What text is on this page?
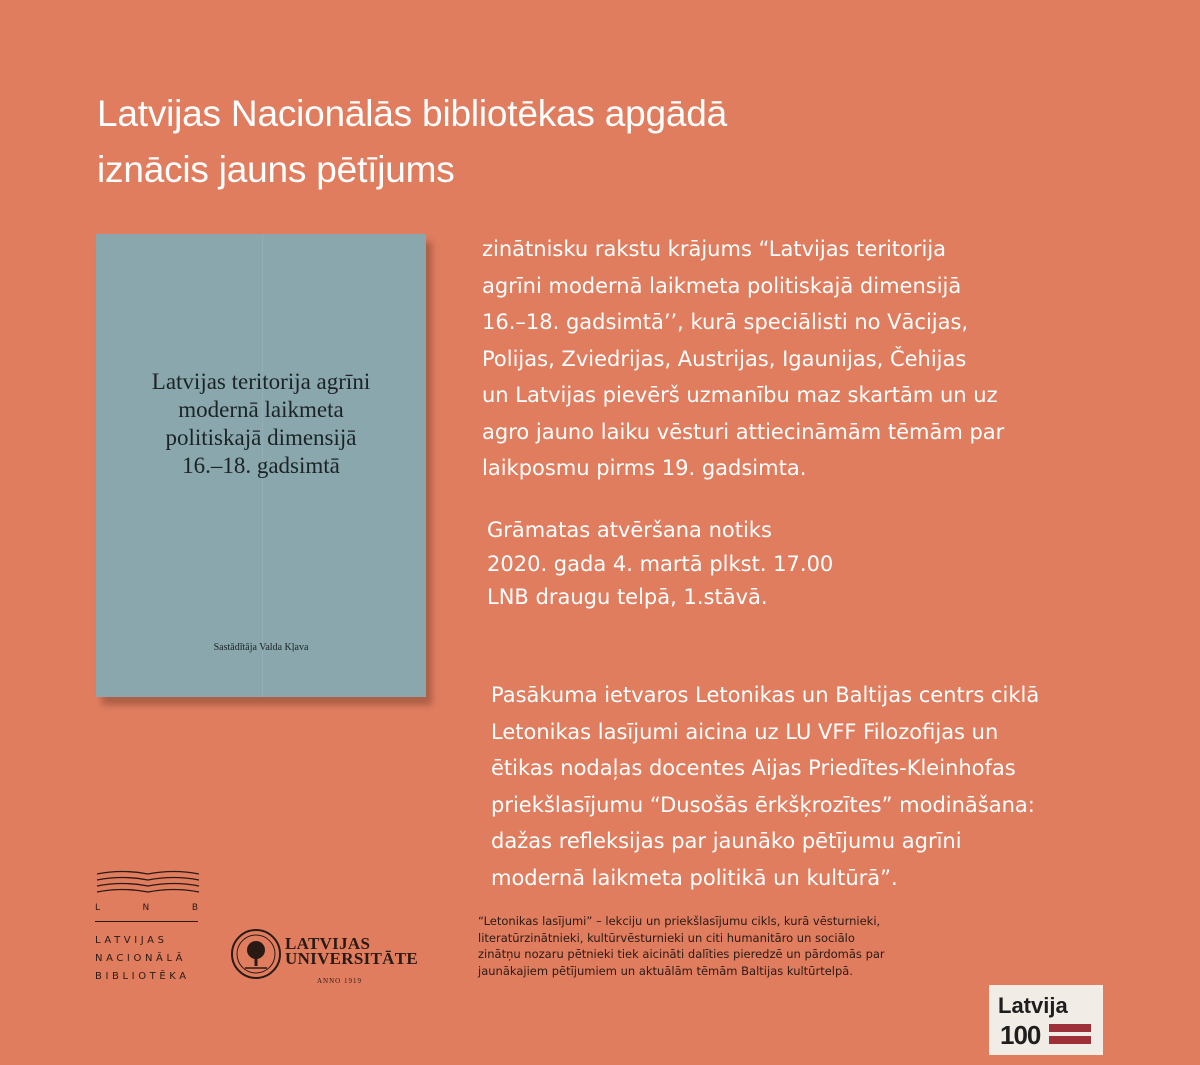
Latvijas Nacionālās bibliotēkas apgādā
iznācis jauns pētījums
Latvijas teritorija agrīni
modernā laikmeta
politiskajā dimensijā
16.–18. gadsimtā
Sastādītāja Valda Kļava
zinātnisku rakstu krājums “Latvijas teritorija
agrīni modernā laikmeta politiskajā dimensijā
16.–18. gadsimtā’’, kurā speciālisti no Vācijas,
Polijas, Zviedrijas, Austrijas, Igaunijas, Čehijas
un Latvijas pievērš uzmanību maz skartām un uz
agro jauno laiku vēsturi attiecināmām tēmām par
laikposmu pirms 19. gadsimta.
Grāmatas atvēršana notiks
2020. gada 4. martā plkst. 17.00
LNB draugu telpā, 1.stāvā.
Pasākuma ietvaros Letonikas un Baltijas centrs ciklā
Letonikas lasījumi aicina uz LU VFF Filozofijas un
ētikas nodaļas docentes Aijas Priedītes-Kleinhofas
priekšlasījumu “Dusošās ērkšķrozītes” modināšana:
dažas refleksijas par jaunāko pētījumu agrīni
modernā laikmeta politikā un kultūrā”.
L	N	B
LATVIJAS
NACIONĀLĀ
BIBLIOTĒKA
LATVIJAS
UNIVERSITĀTE
ANNO 1919
“Letonikas lasījumi” – lekciju un priekšlasījumu cikls, kurā vēsturnieki,
literatūrzinātnieki, kultūrvēsturnieki un citi humanitāro un sociālo
zinātņu nozaru pētnieki tiek aicināti dalīties pieredzē un pārdomās par
jaunākajiem pētījumiem un aktuālām tēmām Baltijas kultūrtelpā.
Latvija
100
